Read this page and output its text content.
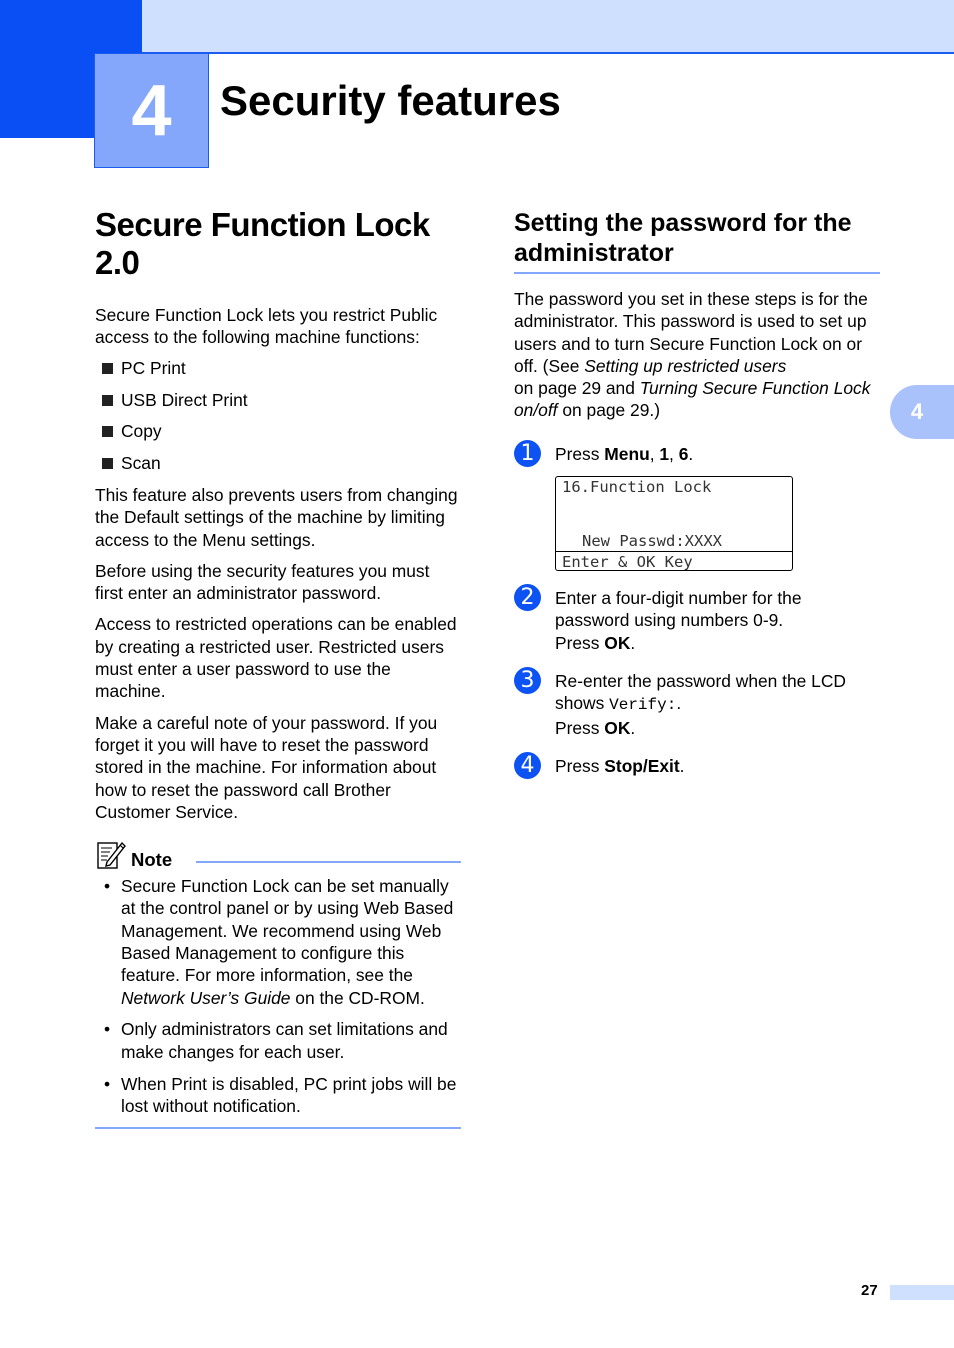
4 Security features
4
Secure Function Lock 2.0

Secure Function Lock lets you restrict Public access to the following machine functions:

PC Print
USB Direct Print
Copy
Scan

This feature also prevents users from changing the Default settings of the machine by limiting access to the Menu settings.

Before using the security features you must first enter an administrator password.

Access to restricted operations can be enabled by creating a restricted user. Restricted users must enter a user password to use the machine.

Make a careful note of your password. If you forget it you will have to reset the password stored in the machine. For information about how to reset the password call Brother Customer Service.

Note
• Secure Function Lock can be set manually at the control panel or by using Web Based Management. We recommend using Web Based Management to configure this feature. For more information, see the Network User’s Guide on the CD-ROM.
• Only administrators can set limitations and make changes for each user.
• When Print is disabled, PC print jobs will be lost without notification.
Setting the password for the administrator

The password you set in these steps is for the administrator. This password is used to set up users and to turn Secure Function Lock on or off. (See Setting up restricted users
on page 29 and Turning Secure Function Lock on/off on page 29.)

1	Press Menu, 1, 6.

16.Function Lock
New Passwd:XXXX
Enter & OK Key
2	Enter a four-digit number for the password using numbers 0-9.
Press OK.

3	Re-enter the password when the LCD shows Verify:.
Press OK.

4	Press Stop/Exit.

27
